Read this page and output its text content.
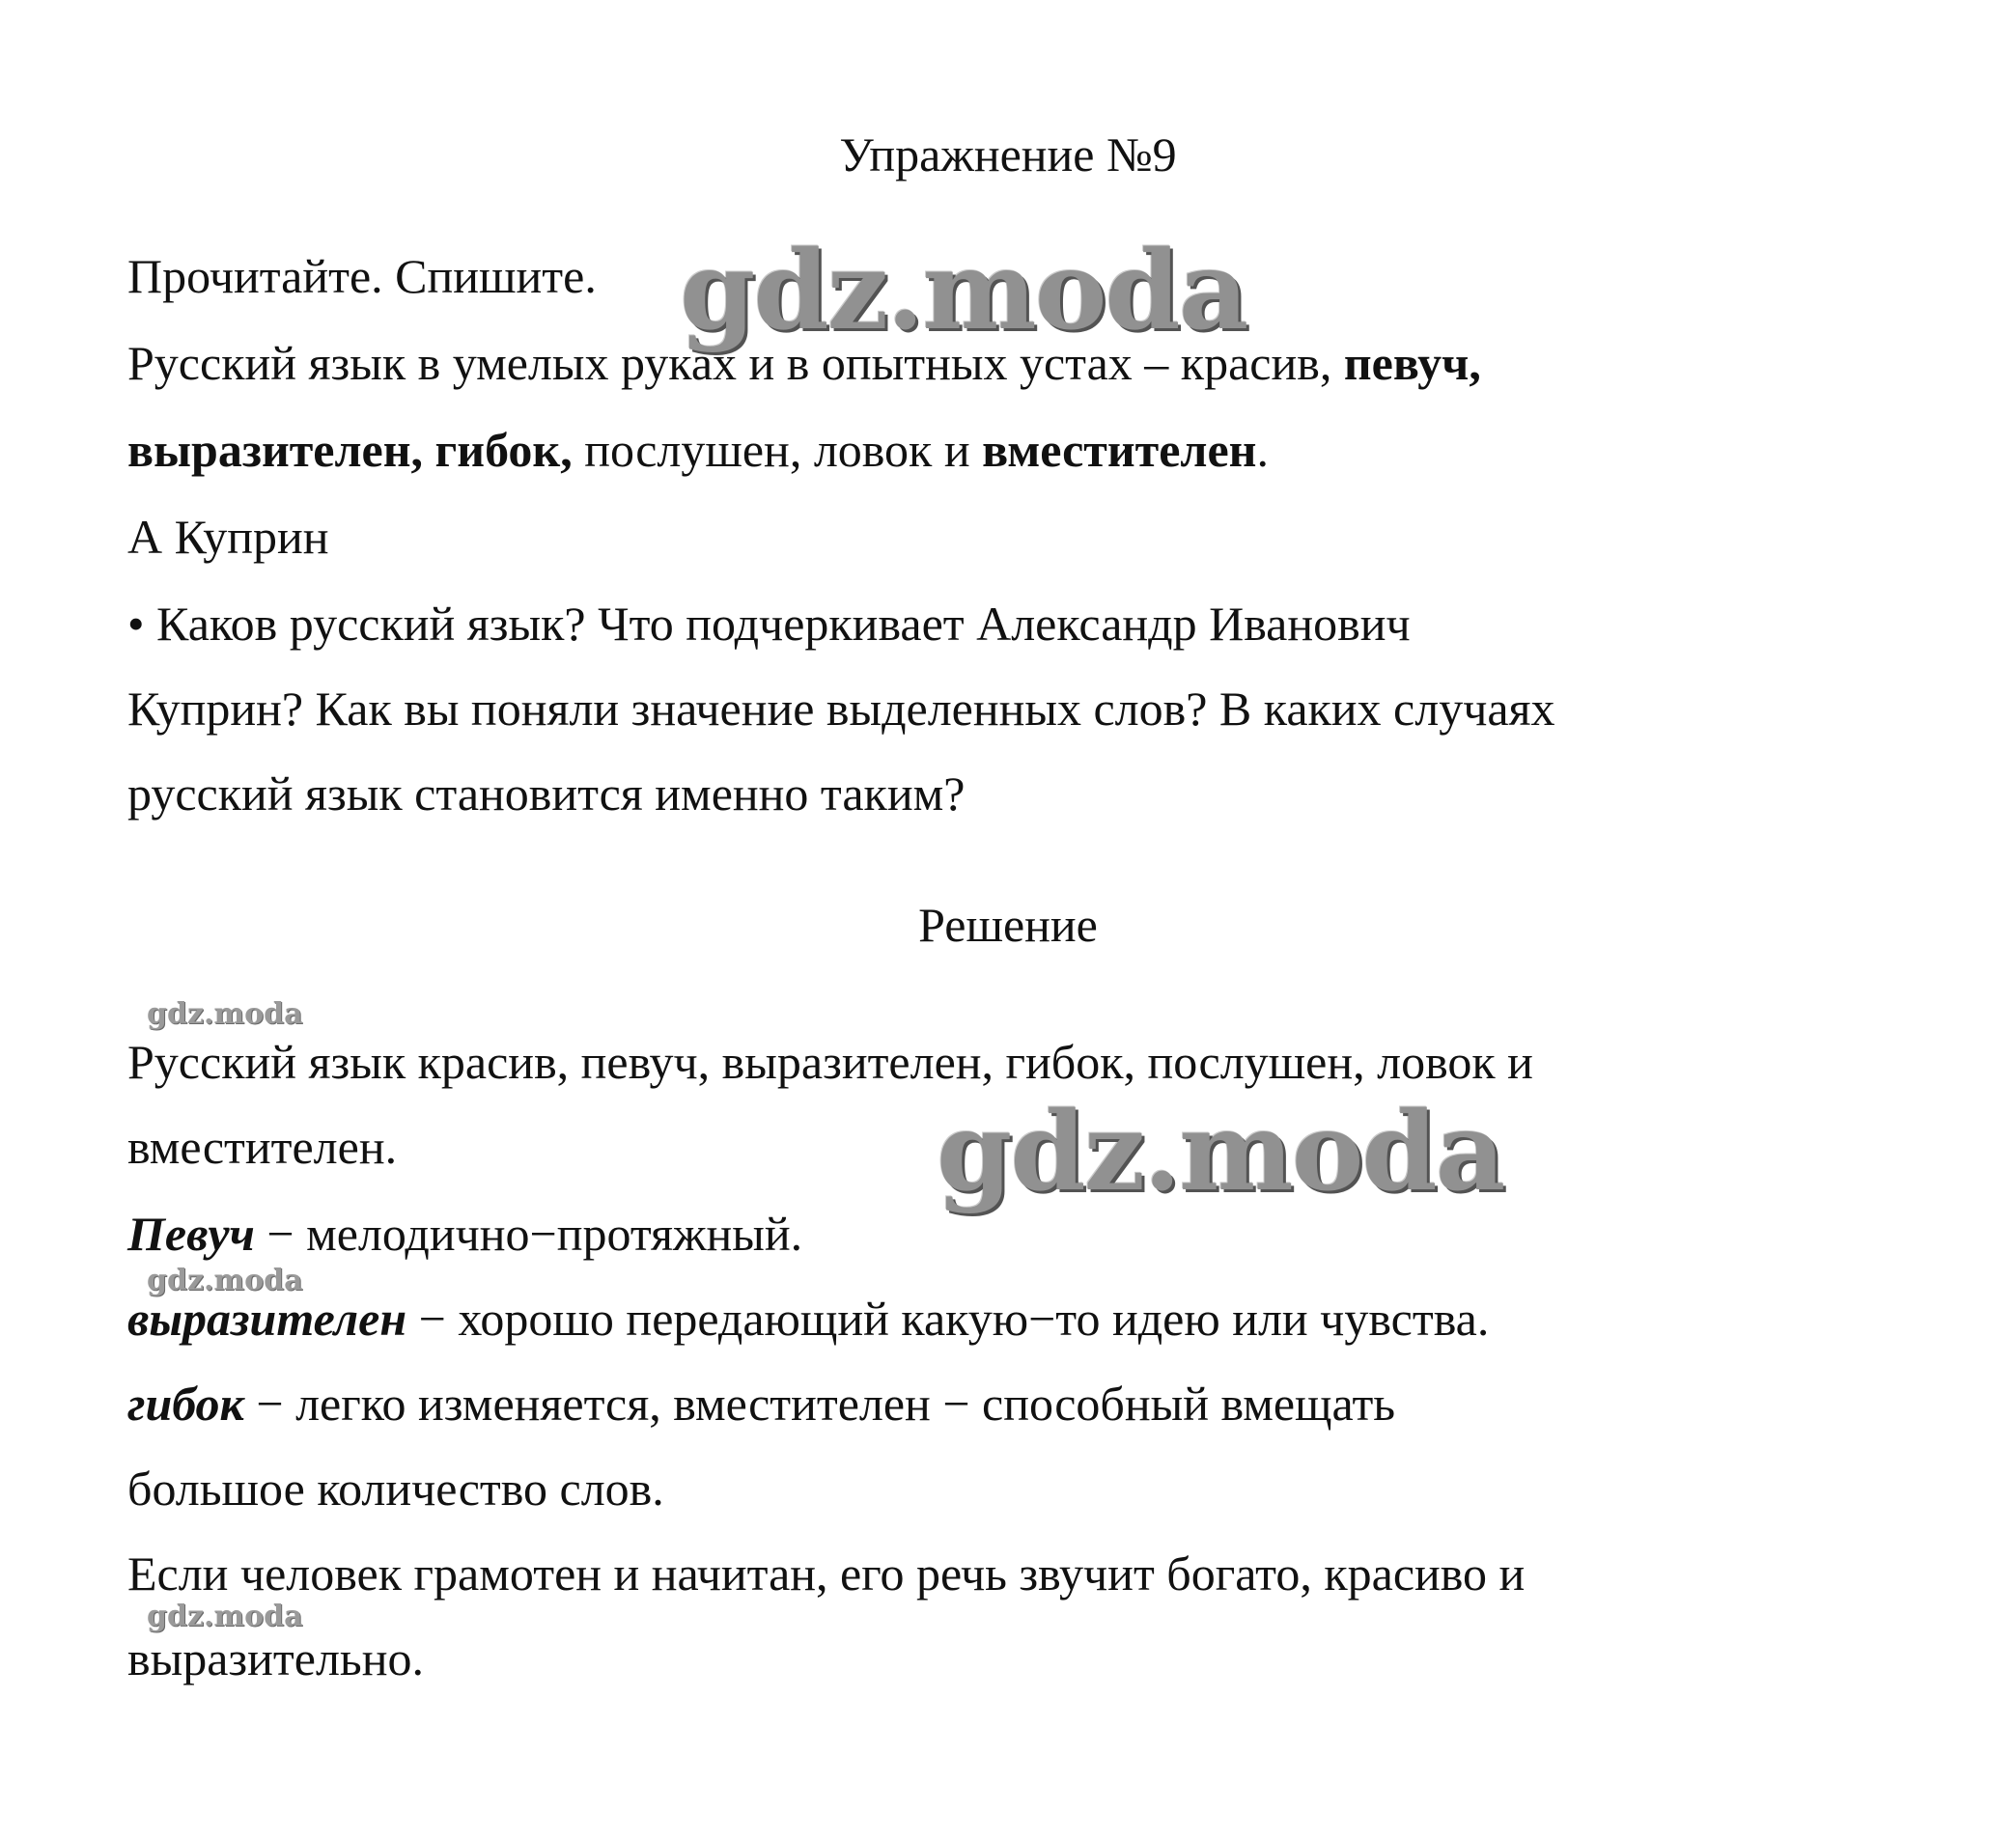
Упражнение №9
Прочитайте. Спишите.
Русский язык в умелых руках и в опытных устах – красив, певуч,
выразителен, гибок, послушен, ловок и вместителен.
А Куприн
• Каков русский язык? Что подчеркивает Александр Иванович
Куприн? Как вы поняли значение выделенных слов? В каких случаях
русский язык становится именно таким?
Решение
Русский язык красив, певуч, выразителен, гибок, послушен, ловок и
вместителен.
Певуч − мелодично−протяжный.
выразителен − хорошо передающий какую−то идею или чувства.
гибок − легко изменяется, вместителен − способный вмещать
большое количество слов.
Если человек грамотен и начитан, его речь звучит богато, красиво и
выразительно.
gdz.moda
gdz.moda
gdz.moda
gdz.moda
gdz.moda
